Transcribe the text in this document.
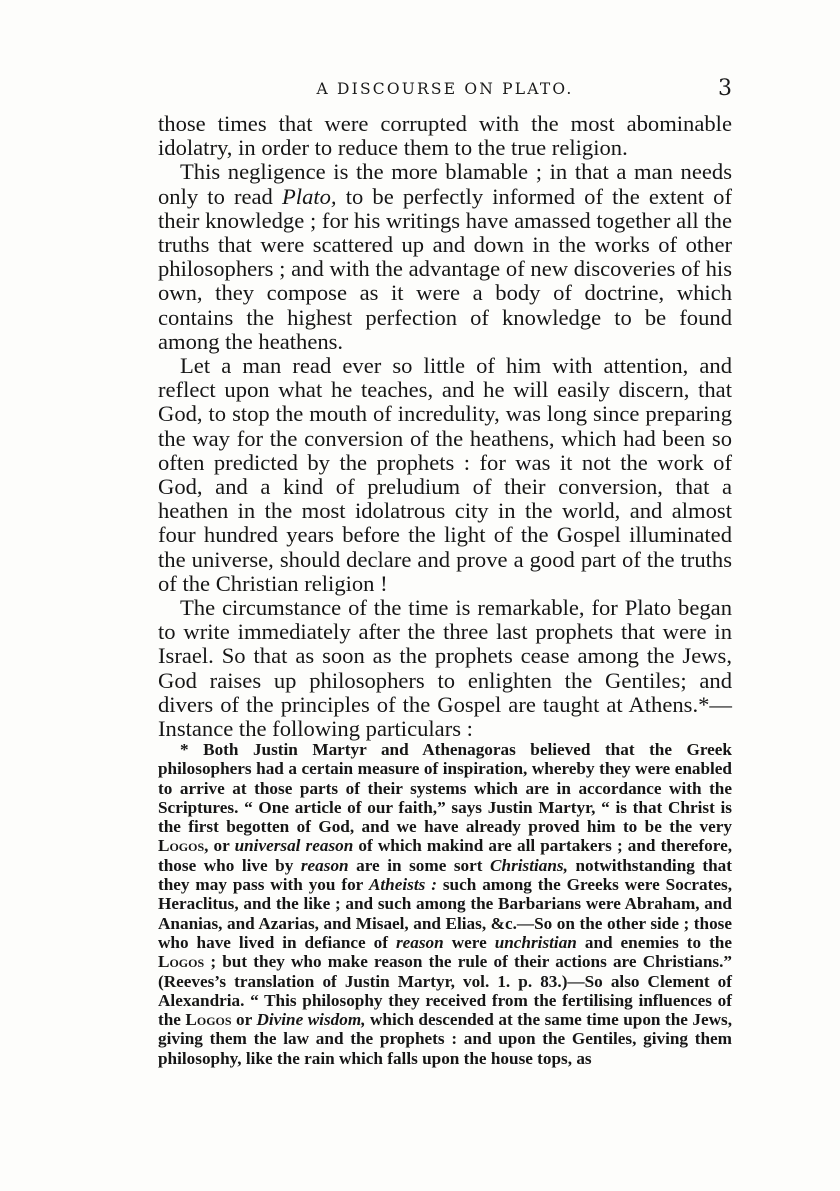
A DISCOURSE ON PLATO.	3

those times that were corrupted with the most abominable idolatry, in order to reduce them to the true religion.

This negligence is the more blamable ; in that a man needs only to read Plato, to be perfectly informed of the extent of their knowledge ; for his writings have amassed together all the truths that were scattered up and down in the works of other philosophers ; and with the advantage of new discoveries of his own, they compose as it were a body of doctrine, which contains the highest perfection of knowledge to be found among the heathens.

Let a man read ever so little of him with attention, and reflect upon what he teaches, and he will easily discern, that God, to stop the mouth of incredulity, was long since preparing the way for the conversion of the heathens, which had been so often predicted by the prophets : for was it not the work of God, and a kind of preludium of their conversion, that a heathen in the most idolatrous city in the world, and almost four hundred years before the light of the Gospel illuminated the universe, should declare and prove a good part of the truths of the Christian religion !

The circumstance of the time is remarkable, for Plato began to write immediately after the three last prophets that were in Israel. So that as soon as the prophets cease among the Jews, God raises up philosophers to enlighten the Gentiles; and divers of the principles of the Gospel are taught at Athens.*—Instance the following particulars :

* Both Justin Martyr and Athenagoras believed that the Greek philosophers had a certain measure of inspiration, whereby they were enabled to arrive at those parts of their systems which are in accordance with the Scriptures. “ One article of our faith,” says Justin Martyr, “ is that Christ is the first begotten of God, and we have already proved him to be the very Logos, or universal reason of which makind are all partakers ; and therefore, those who live by reason are in some sort Christians, notwithstanding that they may pass with you for Atheists : such among the Greeks were Socrates, Heraclitus, and the like ; and such among the Barbarians were Abraham, and Ananias, and Azarias, and Misael, and Elias, &c.—So on the other side ; those who have lived in defiance of reason were unchristian and enemies to the Logos ; but they who make reason the rule of their actions are Christians.” (Reeves’s translation of Justin Martyr, vol. 1. p. 83.)—So also Clement of Alexandria. “ This philosophy they received from the fertilising influences of the Logos or Divine wisdom, which descended at the same time upon the Jews, giving them the law and the prophets : and upon the Gentiles, giving them philosophy, like the rain which falls upon the house tops, as
